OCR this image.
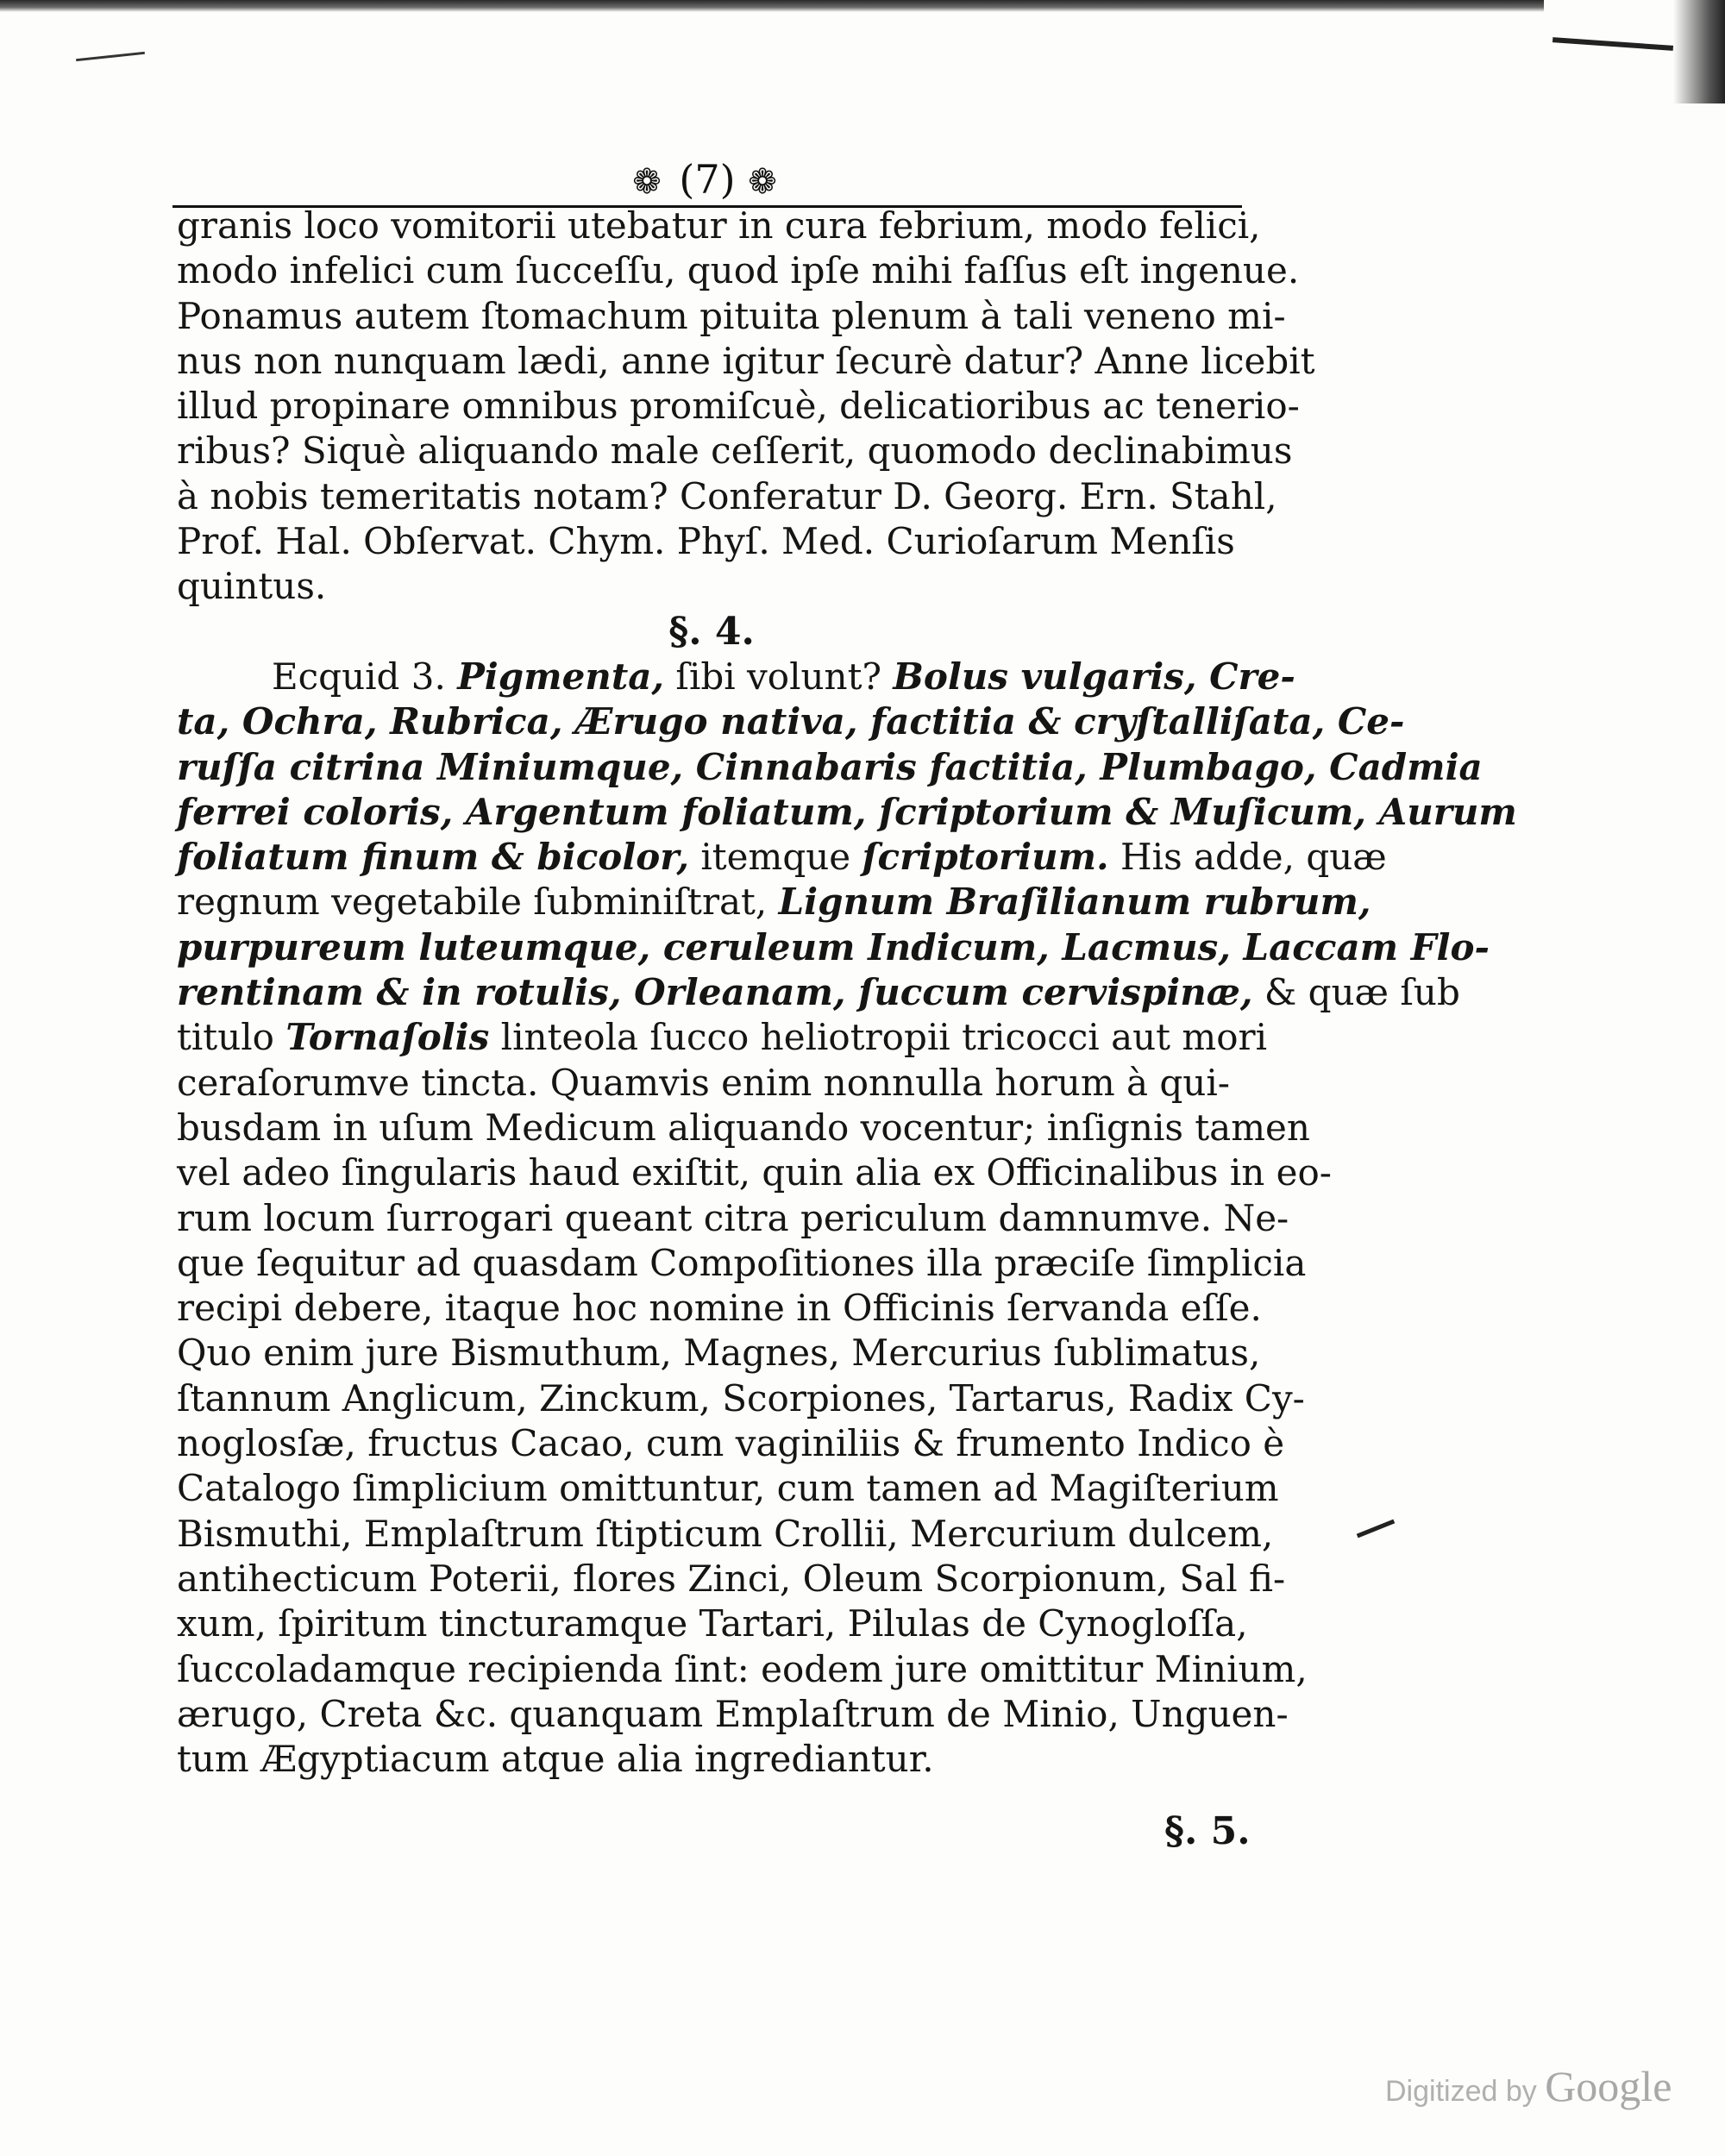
❁ (7) ❁
granis loco vomitorii utebatur in cura febrium, modo felici,
modo infelici cum ſucceſſu, quod ipſe mihi faſſus eſt ingenue.
Ponamus autem ſtomachum pituita plenum à tali veneno mi-
nus non nunquam lædi, anne igitur ſecurè datur? Anne licebit
illud propinare omnibus promiſcuè, delicatioribus ac tenerio-
ribus? Siquè aliquando male ceſſerit, quomodo declinabimus
à nobis temeritatis notam? Conferatur D. Georg. Ern. Stahl,
Prof. Hal. Obſervat. Chym. Phyſ. Med. Curioſarum Menſis
quintus.
§. 4.
Ecquid 3. Pigmenta, ſibi volunt? Bolus vulgaris, Cre-
ta, Ochra, Rubrica, Ærugo nativa, factitia & cryſtalliſata, Ce-
ruſſa citrina Miniumque, Cinnabaris factitia, Plumbago, Cadmia
ferrei coloris, Argentum foliatum, ſcriptorium & Muſicum, Aurum
foliatum finum & bicolor, itemque ſcriptorium. His adde, quæ
regnum vegetabile ſubminiſtrat, Lignum Braſilianum rubrum,
purpureum luteumque, ceruleum Indicum, Lacmus, Laccam Flo-
rentinam & in rotulis, Orleanam, ſuccum cervispinæ, & quæ ſub
titulo Tornaſolis linteola ſucco heliotropii tricocci aut mori
ceraſorumve tincta. Quamvis enim nonnulla horum à qui-
busdam in uſum Medicum aliquando vocentur; inſignis tamen
vel adeo ſingularis haud exiſtit, quin alia ex Officinalibus in eo-
rum locum ſurrogari queant citra periculum damnumve. Ne-
que ſequitur ad quasdam Compoſitiones illa præciſe ſimplicia
recipi debere, itaque hoc nomine in Officinis ſervanda eſſe.
Quo enim jure Bismuthum, Magnes, Mercurius ſublimatus,
ſtannum Anglicum, Zinckum, Scorpiones, Tartarus, Radix Cy-
noglosſæ, fructus Cacao, cum vaginiliis & frumento Indico è
Catalogo ſimplicium omittuntur, cum tamen ad Magiſterium
Bismuthi, Emplaſtrum ſtipticum Crollii, Mercurium dulcem,
antihecticum Poterii, flores Zinci, Oleum Scorpionum, Sal fi-
xum, ſpiritum tincturamque Tartari, Pilulas de Cynogloſſa,
ſuccoladamque recipienda ſint: eodem jure omittitur Minium,
ærugo, Creta &c. quanquam Emplaſtrum de Minio, Unguen-
tum Ægyptiacum atque alia ingrediantur.
§. 5.
Digitized by Google
